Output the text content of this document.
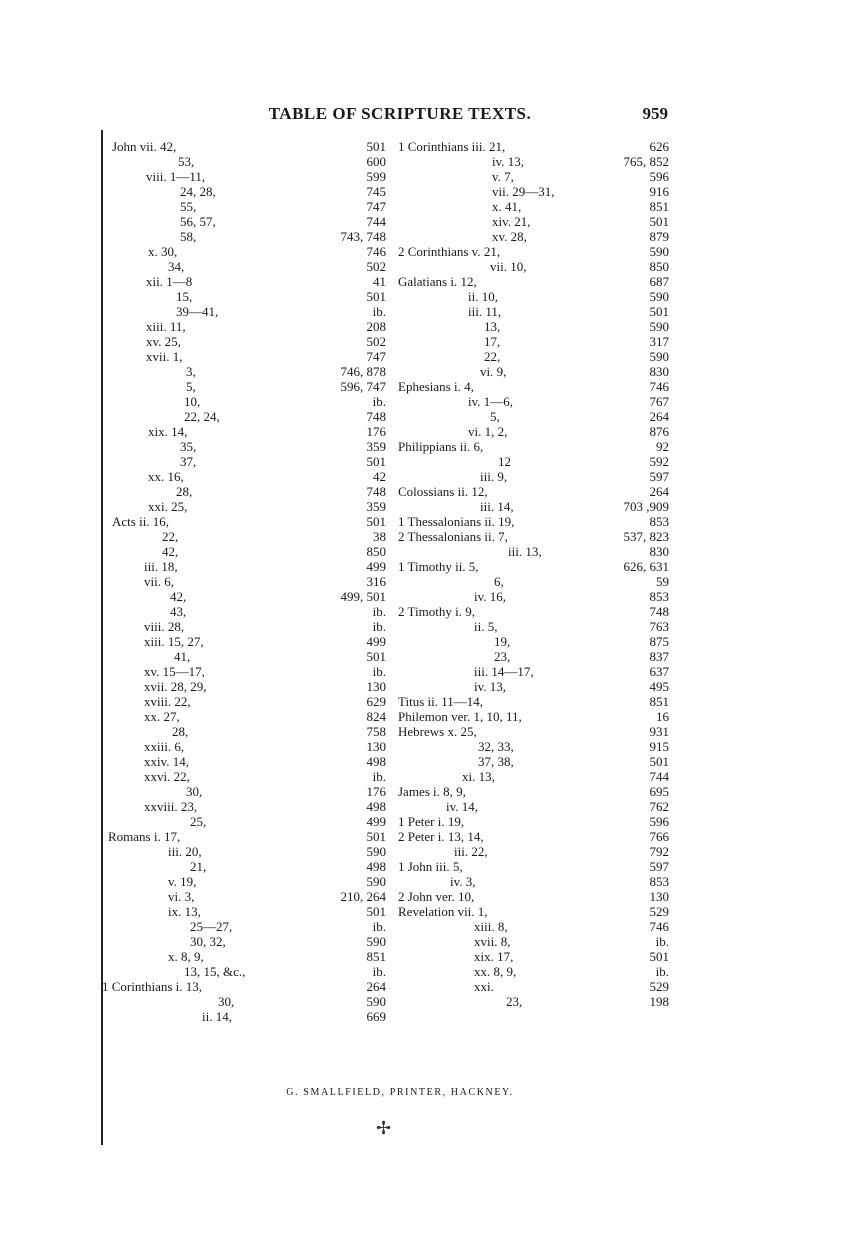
TABLE OF SCRIPTURE TEXTS.	959
John vii. 42,	501
53,	600
viii. 1—11,	599
24, 28,	745
55,	747
56, 57,	744
58,	743, 748
x. 30,	746
34,	502
xii. 1—8	41
15,	501
39—41,	ib.
xiii. 11,	208
xv. 25,	502
xvii. 1,	747
3,	746, 878
5,	596, 747
10,	ib.
22, 24,	748
xix. 14,	176
35,	359
37,	501
xx. 16,	42
28,	748
xxi. 25,	359
Acts ii. 16,	501
22,	38
42,	850
iii. 18,	499
vii. 6,	316
42,	499, 501
43,	ib.
viii. 28,	ib.
xiii. 15, 27,	499
41,	501
xv. 15—17,	ib.
xvii. 28, 29,	130
xviii. 22,	629
xx. 27,	824
28,	758
xxiii. 6,	130
xxiv. 14,	498
xxvi. 22,	ib.
30,	176
xxviii. 23,	498
25,	499
Romans i. 17,	501
iii. 20,	590
21,	498
v. 19,	590
vi. 3,	210, 264
ix. 13,	501
25—27,	ib.
30, 32,	590
x. 8, 9,	851
13, 15, &c.,	ib.
1 Corinthians i. 13,	264
30,	590
ii. 14,	669
1 Corinthians iii. 21,	626
iv. 13,	765, 852
v. 7,	596
vii. 29—31,	916
x. 41,	851
xiv. 21,	501
xv. 28,	879
2 Corinthians v. 21,	590
vii. 10,	850
Galatians i. 12,	687
ii. 10,	590
iii. 11,	501
13,	590
17,	317
22,	590
vi. 9,	830
Ephesians i. 4,	746
iv. 1—6,	767
5,	264
vi. 1, 2,	876
Philippians ii. 6,	92
12	592
iii. 9,	597
Colossians ii. 12,	264
iii. 14,	703 ,909
1 Thessalonians ii. 19,	853
2 Thessalonians ii. 7,	537, 823
iii. 13,	830
1 Timothy ii. 5,	626, 631
6,	59
iv. 16,	853
2 Timothy i. 9,	748
ii. 5,	763
19,	875
23,	837
iii. 14—17,	637
iv. 13,	495
Titus ii. 11—14,	851
Philemon ver. 1, 10, 11,	16
Hebrews x. 25,	931
32, 33,	915
37, 38,	501
xi. 13,	744
James i. 8, 9,	695
iv. 14,	762
1 Peter i. 19,	596
2 Peter i. 13, 14,	766
iii. 22,	792
1 John iii. 5,	597
iv. 3,	853
2 John ver. 10,	130
Revelation vii. 1,	529
xiii. 8,	746
xvii. 8,	ib.
xix. 17,	501
xx. 8, 9,	ib.
xxi.	529
23,	198
G. SMALLFIELD, PRINTER, HACKNEY.
✢
